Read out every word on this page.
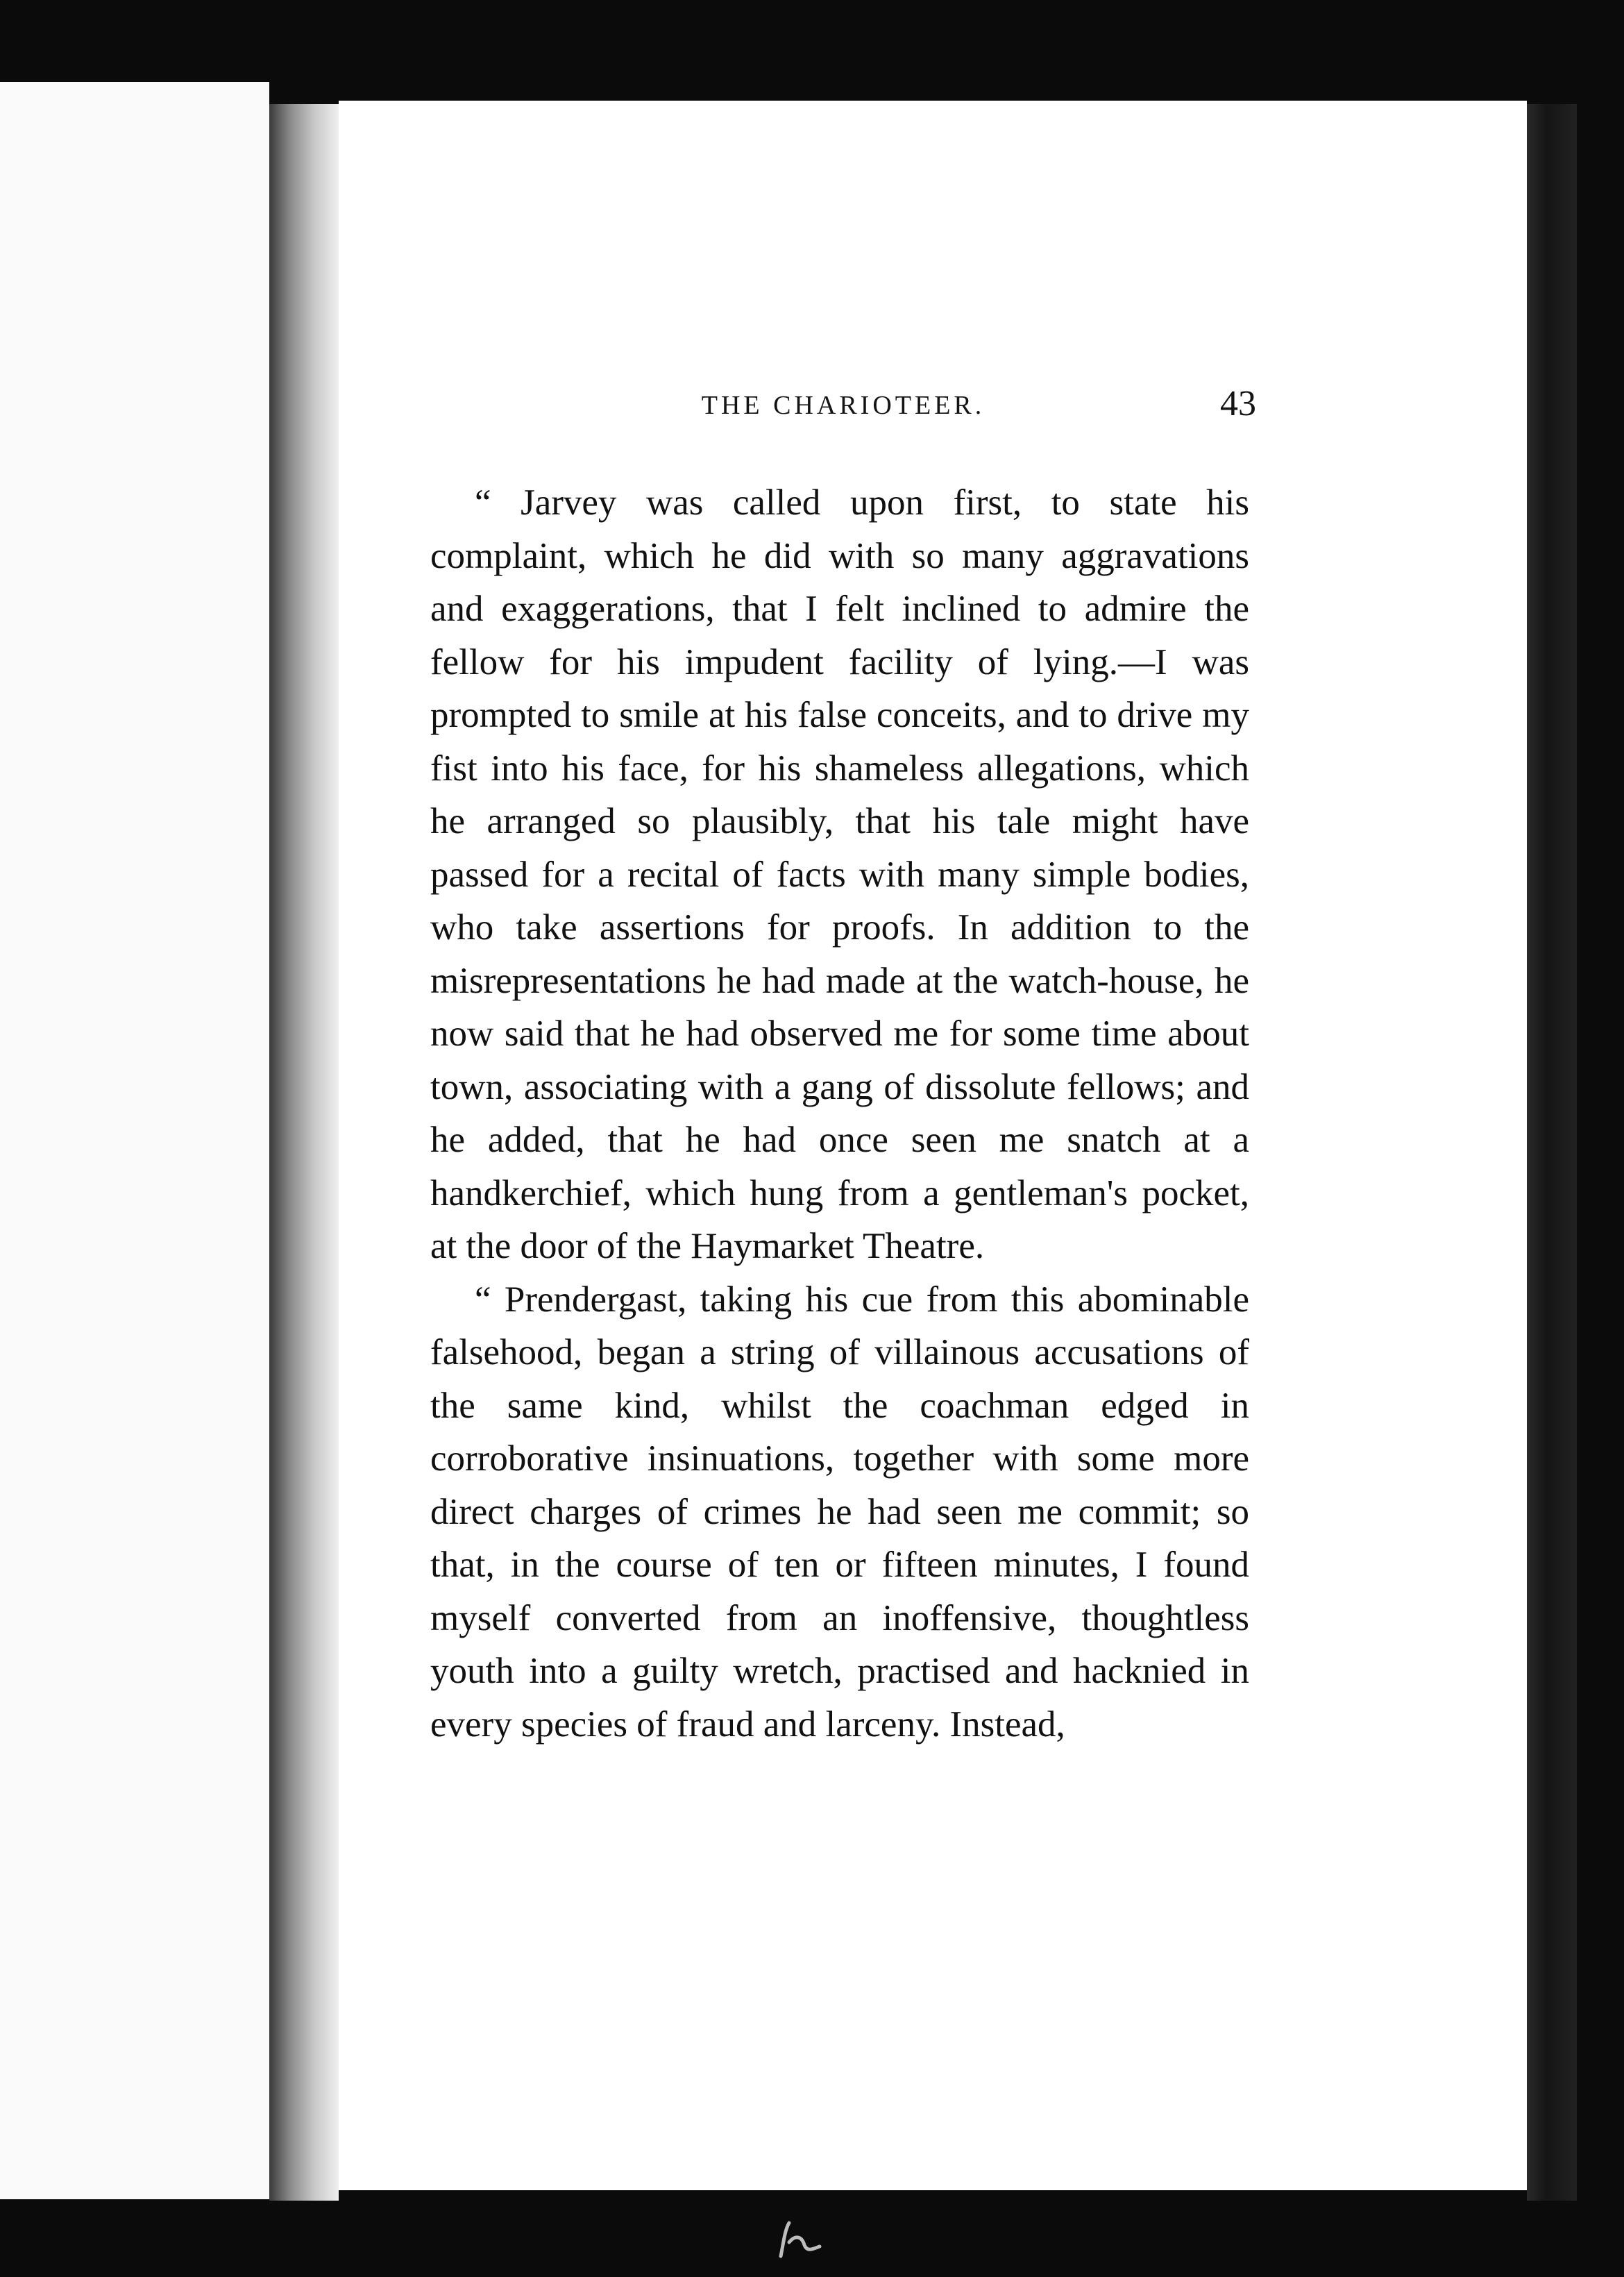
THE CHARIOTEER.	43

“ Jarvey was called upon first, to state his complaint, which he did with so many aggravations and exaggerations, that I felt inclined to admire the fellow for his impudent facility of lying.—I was prompted to smile at his false conceits, and to drive my fist into his face, for his shameless allegations, which he arranged so plausibly, that his tale might have passed for a recital of facts with many simple bodies, who take assertions for proofs. In addition to the misrepresentations he had made at the watch-house, he now said that he had observed me for some time about town, associating with a gang of dissolute fellows; and he added, that he had once seen me snatch at a handkerchief, which hung from a gentleman's pocket, at the door of the Haymarket Theatre.

“ Prendergast, taking his cue from this abominable falsehood, began a string of villainous accusations of the same kind, whilst the coachman edged in corroborative insinuations, together with some more direct charges of crimes he had seen me commit; so that, in the course of ten or fifteen minutes, I found myself converted from an inoffensive, thoughtless youth into a guilty wretch, practised and hacknied in every species of fraud and larceny. Instead,
